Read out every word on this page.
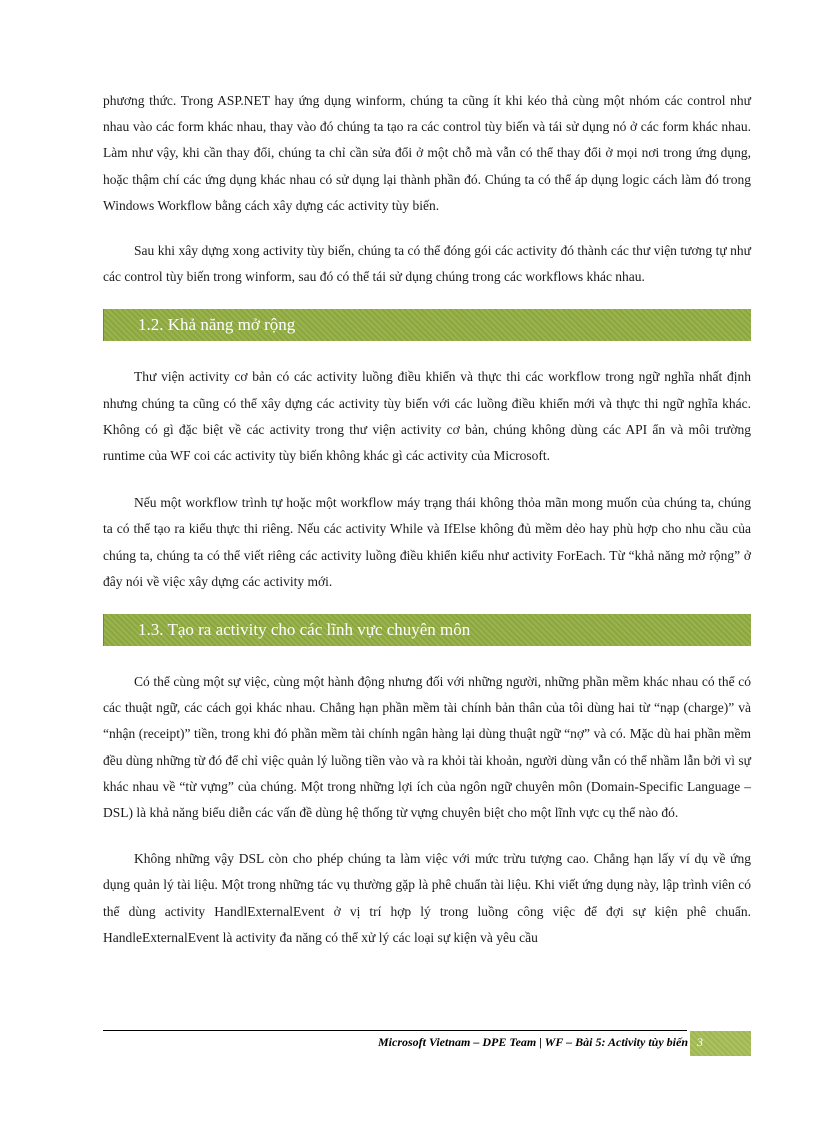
phương thức. Trong ASP.NET hay ứng dụng winform, chúng ta cũng ít khi kéo thả cùng một nhóm các control như nhau vào các form khác nhau, thay vào đó chúng ta tạo ra các control tùy biến và tái sử dụng nó ở các form khác nhau. Làm như vậy, khi cần thay đổi, chúng ta chỉ cần sửa đổi ở một chỗ mà vẫn có thể thay đổi ở mọi nơi trong ứng dụng, hoặc thậm chí các ứng dụng khác nhau có sử dụng lại thành phần đó. Chúng ta có thể áp dụng logic cách làm đó trong Windows Workflow bằng cách xây dựng các activity tùy biến.

Sau khi xây dựng xong activity tùy biến, chúng ta có thể đóng gói các activity đó thành các thư viện tương tự như các control tùy biến trong winform, sau đó có thể tái sử dụng chúng trong các workflows khác nhau.

1.2. Khả năng mở rộng

Thư viện activity cơ bản có các activity luồng điều khiển và thực thi các workflow trong ngữ nghĩa nhất định nhưng chúng ta cũng có thể xây dựng các activity tùy biến với các luồng điều khiển mới và thực thi ngữ nghĩa khác. Không có gì đặc biệt về các activity trong thư viện activity cơ bản, chúng không dùng các API ẩn và môi trường runtime của WF coi các activity tùy biến không khác gì các activity của Microsoft.

Nếu một workflow trình tự hoặc một workflow máy trạng thái không thỏa mãn mong muốn của chúng ta, chúng ta có thể tạo ra kiểu thực thi riêng. Nếu các activity While và IfElse không đủ mềm dẻo hay phù hợp cho nhu cầu của chúng ta, chúng ta có thể viết riêng các activity luồng điều khiển kiểu như activity ForEach. Từ “khả năng mở rộng” ở đây nói về việc xây dựng các activity mới.

1.3. Tạo ra activity cho các lĩnh vực chuyên môn

Có thể cùng một sự việc, cùng một hành động nhưng đối với những người, những phần mềm khác nhau có thể có các thuật ngữ, các cách gọi khác nhau. Chẳng hạn phần mềm tài chính bản thân của tôi dùng hai từ “nạp (charge)” và “nhận (receipt)” tiền, trong khi đó phần mềm tài chính ngân hàng lại dùng thuật ngữ “nợ” và có. Mặc dù hai phần mềm đều dùng những từ đó để chỉ việc quản lý luồng tiền vào và ra khỏi tài khoản, người dùng vẫn có thể nhầm lẫn bởi vì sự khác nhau về “từ vựng” của chúng. Một trong những lợi ích của ngôn ngữ chuyên môn (Domain-Specific Language – DSL) là khả năng biểu diễn các vấn đề dùng hệ thống từ vựng chuyên biệt cho một lĩnh vực cụ thể nào đó.

Không những vậy DSL còn cho phép chúng ta làm việc với mức trừu tượng cao. Chẳng hạn lấy ví dụ về ứng dụng quản lý tài liệu. Một trong những tác vụ thường gặp là phê chuẩn tài liệu. Khi viết ứng dụng này, lập trình viên có thể dùng activity HandlExternalEvent ở vị trí hợp lý trong luồng công việc để đợi sự kiện phê chuẩn. HandleExternalEvent là activity đa năng có thể xử lý các loại sự kiện và yêu cầu

Microsoft Vietnam – DPE Team | WF – Bài 5: Activity tùy biến 3
